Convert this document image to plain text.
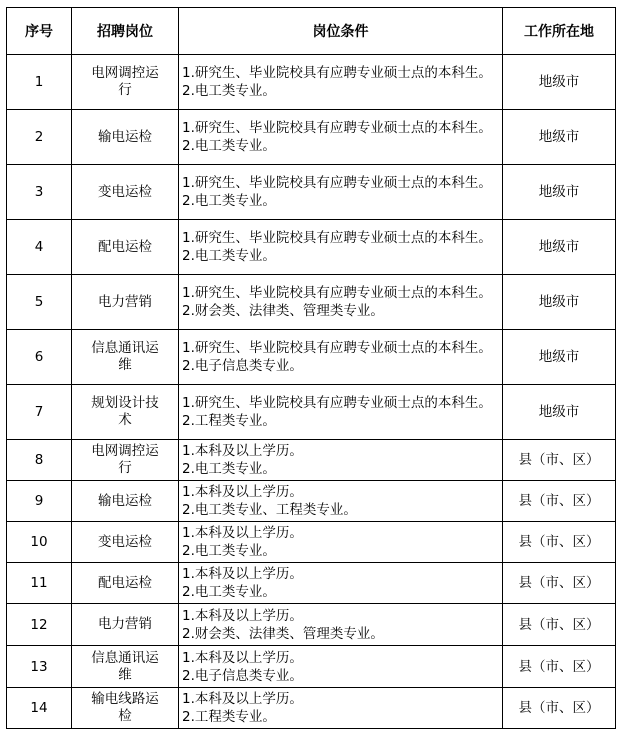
序号	招聘岗位	岗位条件	工作所在地
1	电网调控运行	1.研究生、毕业院校具有应聘专业硕士点的本科生。
2.电工类专业。	地级市
2	输电运检	1.研究生、毕业院校具有应聘专业硕士点的本科生。
2.电工类专业。	地级市
3	变电运检	1.研究生、毕业院校具有应聘专业硕士点的本科生。
2.电工类专业。	地级市
4	配电运检	1.研究生、毕业院校具有应聘专业硕士点的本科生。
2.电工类专业。	地级市
5	电力营销	1.研究生、毕业院校具有应聘专业硕士点的本科生。
2.财会类、法律类、管理类专业。	地级市
6	信息通讯运维	1.研究生、毕业院校具有应聘专业硕士点的本科生。
2.电子信息类专业。	地级市
7	规划设计技术	1.研究生、毕业院校具有应聘专业硕士点的本科生。
2.工程类专业。	地级市
8	电网调控运行	1.本科及以上学历。
2.电工类专业。	县（市、区）
9	输电运检	1.本科及以上学历。
2.电工类专业、工程类专业。	县（市、区）
10	变电运检	1.本科及以上学历。
2.电工类专业。	县（市、区）
11	配电运检	1.本科及以上学历。
2.电工类专业。	县（市、区）
12	电力营销	1.本科及以上学历。
2.财会类、法律类、管理类专业。	县（市、区）
13	信息通讯运维	1.本科及以上学历。
2.电子信息类专业。	县（市、区）
14	输电线路运检	1.本科及以上学历。
2.工程类专业。	县（市、区）
